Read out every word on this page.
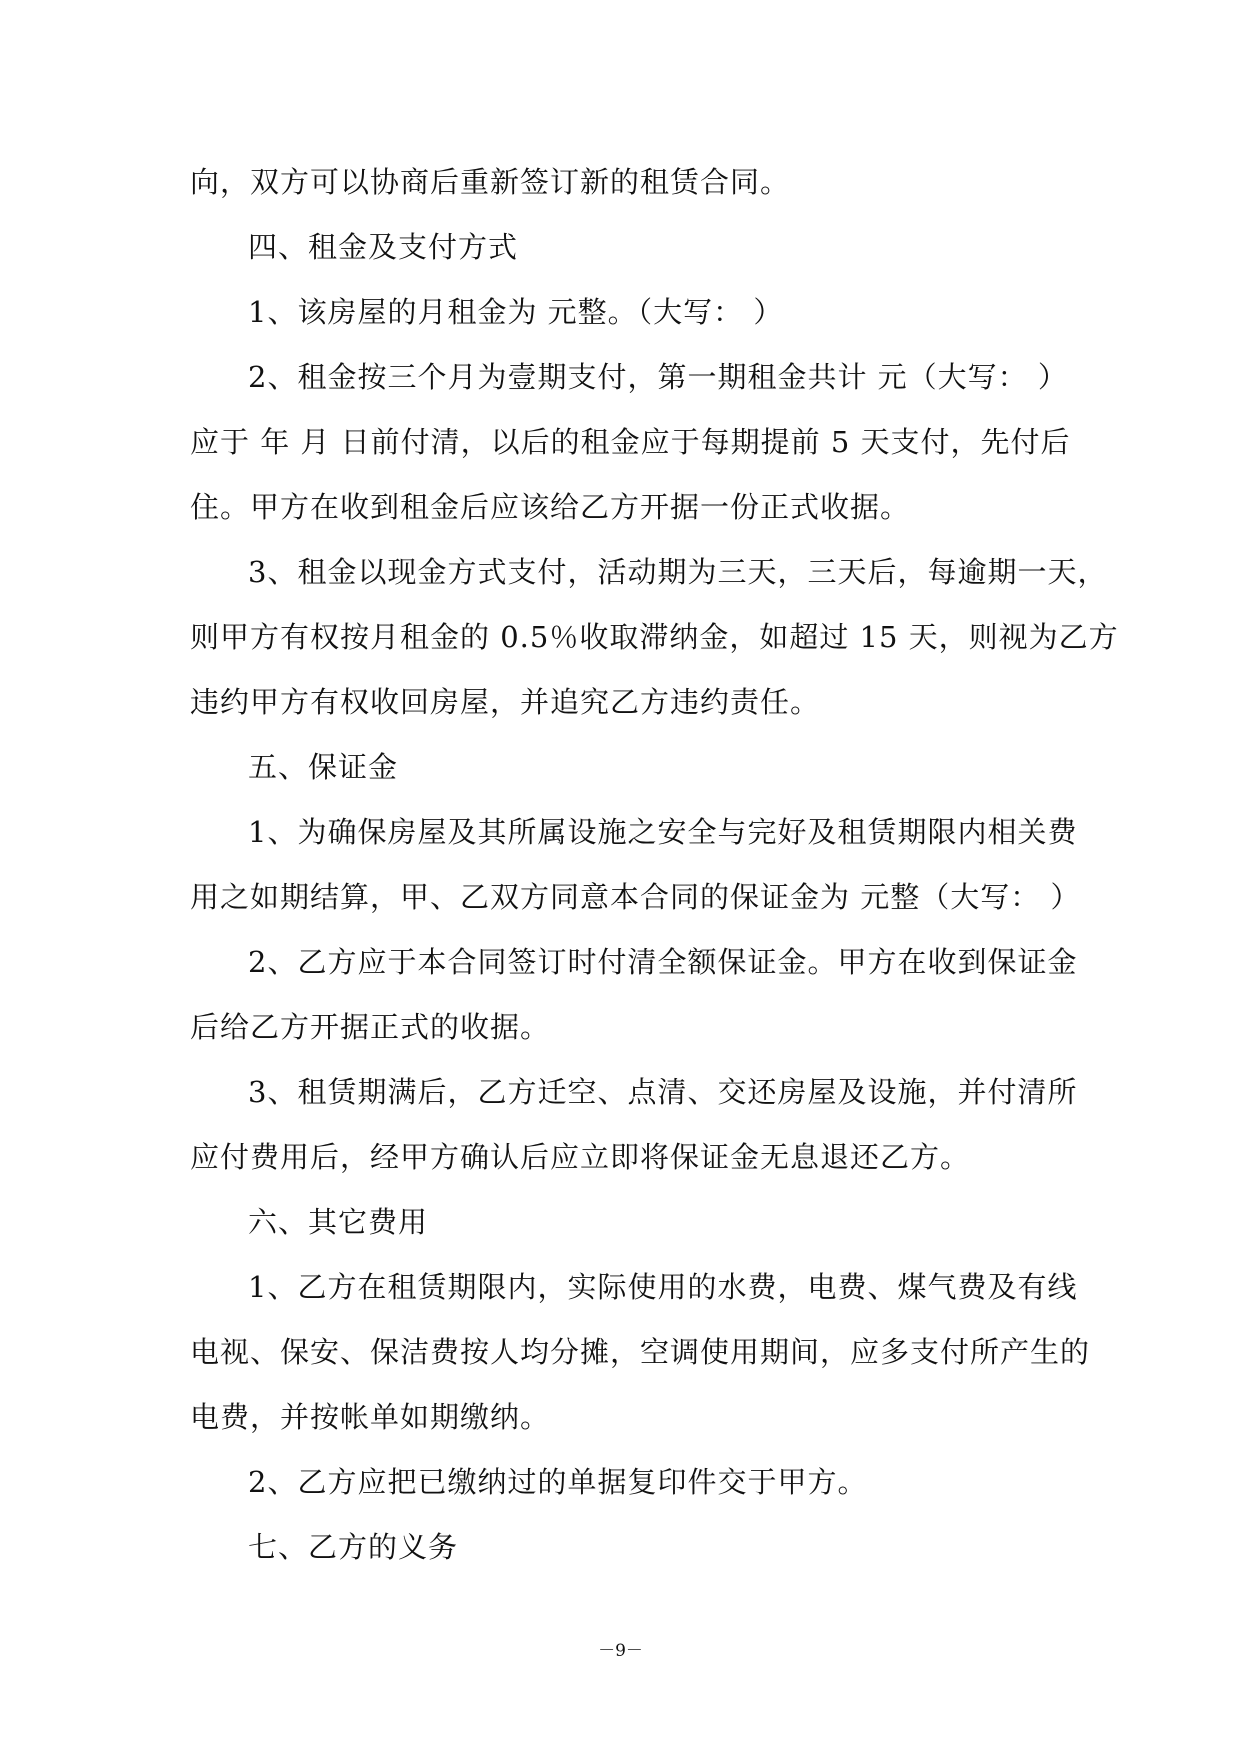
向，双方可以协商后重新签订新的租赁合同。
四、租金及支付方式
1、该房屋的月租金为 元整。（大写： ）
2、租金按三个月为壹期支付，第一期租金共计 元（大写： ）
应于 年 月 日前付清，以后的租金应于每期提前 5 天支付，先付后
住。甲方在收到租金后应该给乙方开据一份正式收据。
3、租金以现金方式支付，活动期为三天，三天后，每逾期一天，
则甲方有权按月租金的 0.5％收取滞纳金，如超过 15 天，则视为乙方
违约甲方有权收回房屋，并追究乙方违约责任。
五、保证金
1、为确保房屋及其所属设施之安全与完好及租赁期限内相关费
用之如期结算，甲、乙双方同意本合同的保证金为 元整（大写： ）
2、乙方应于本合同签订时付清全额保证金。甲方在收到保证金
后给乙方开据正式的收据。
3、租赁期满后，乙方迁空、点清、交还房屋及设施，并付清所
应付费用后，经甲方确认后应立即将保证金无息退还乙方。
六、其它费用
1、乙方在租赁期限内，实际使用的水费，电费、煤气费及有线
电视、保安、保洁费按人均分摊，空调使用期间，应多支付所产生的
电费，并按帐单如期缴纳。
2、乙方应把已缴纳过的单据复印件交于甲方。
七、乙方的义务
－9－
